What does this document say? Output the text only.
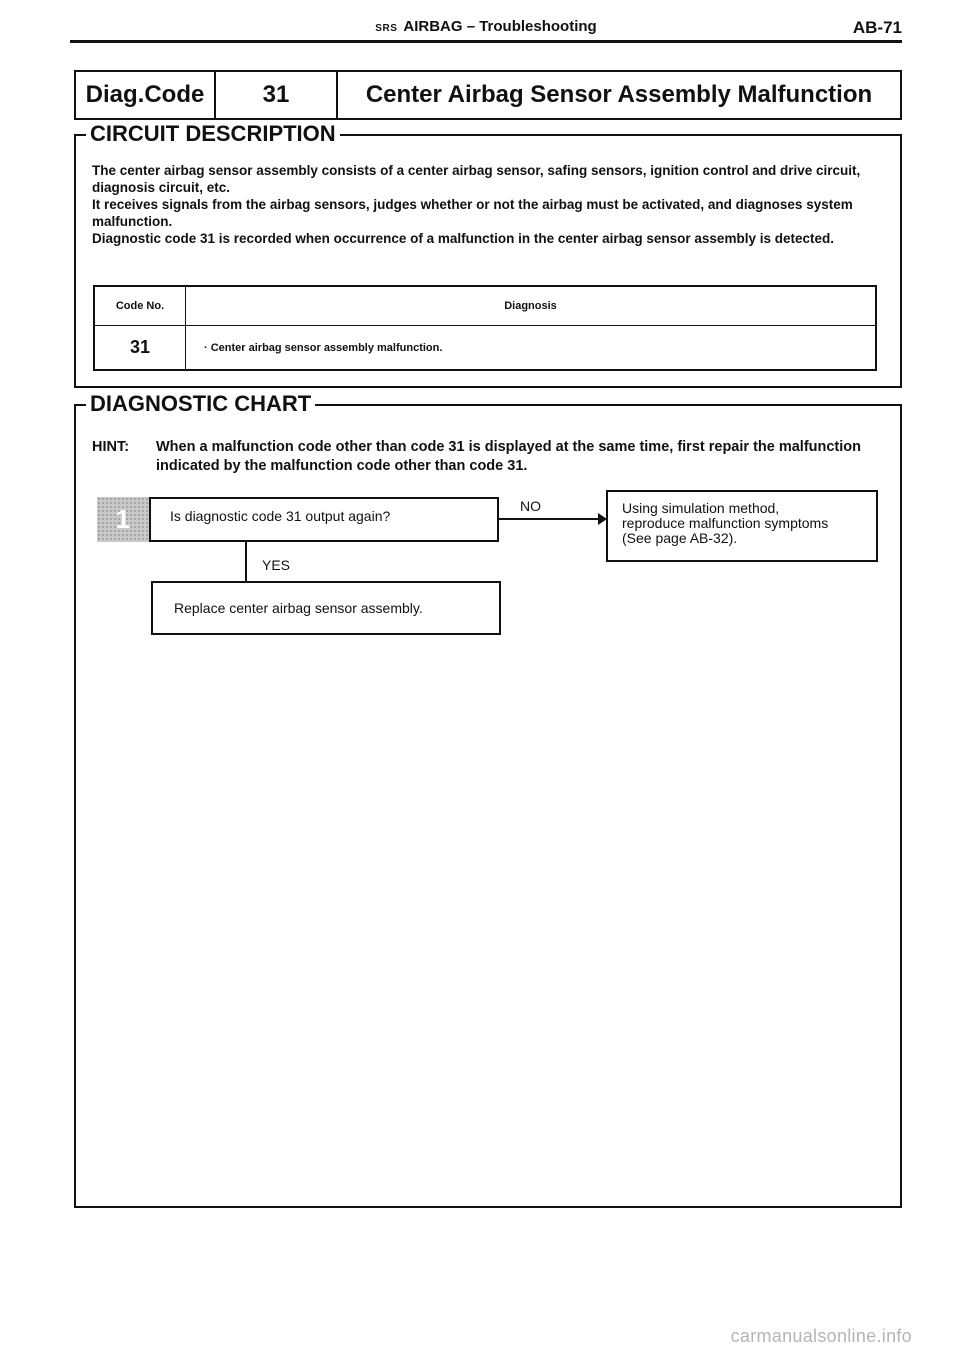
SRS AIRBAG – Troubleshooting	AB-71
Diag.Code	31	Center Airbag Sensor Assembly Malfunction
CIRCUIT DESCRIPTION

The center airbag sensor assembly consists of a center airbag sensor, safing sensors, ignition control and drive circuit, diagnosis circuit, etc.

It receives signals from the airbag sensors, judges whether or not the airbag must be activated, and diagnoses system malfunction.

Diagnostic code 31 is recorded when occurrence of a malfunction in the center airbag sensor assembly is detected.

Code No.	Diagnosis
31	· Center airbag sensor assembly malfunction.
DIAGNOSTIC CHART
HINT: When a malfunction code other than code 31 is displayed at the same time, first repair the malfunction indicated by the malfunction code other than code 31.
1	Is diagnostic code 31 output again?
NO	Using simulation method,
reproduce malfunction symptoms
(See page AB-32).
YES
Replace center airbag sensor assembly.
carmanualsonline.info
